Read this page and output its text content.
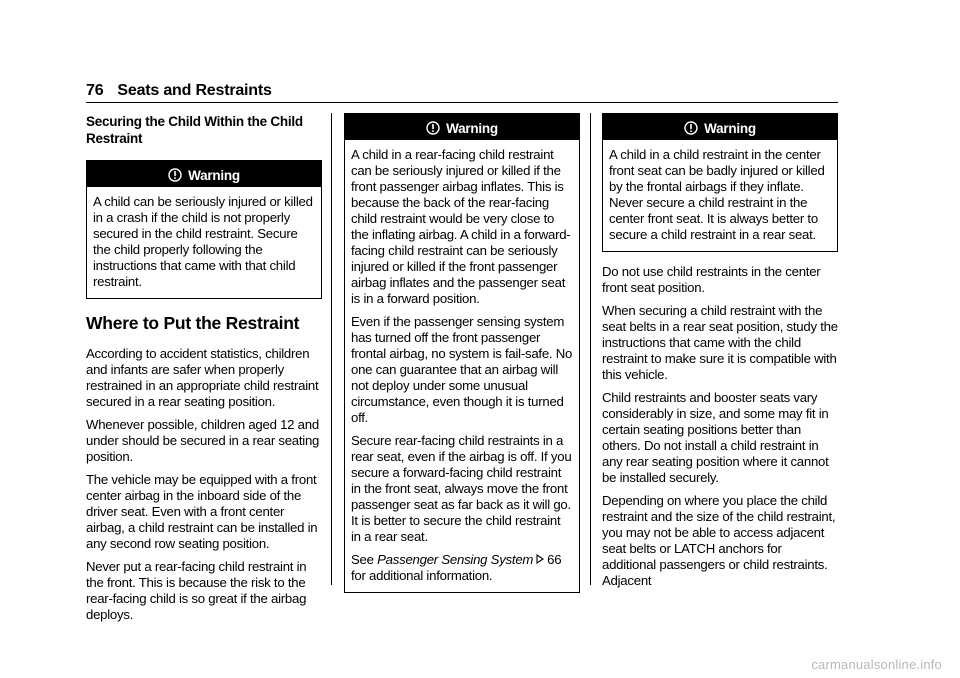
76 Seats and Restraints
Securing the Child Within the Child Restraint
Warning

A child can be seriously injured or killed in a crash if the child is not properly secured in the child restraint. Secure the child properly following the instructions that came with that child restraint.

Where to Put the Restraint

According to accident statistics, children and infants are safer when properly restrained in an appropriate child restraint secured in a rear seating position.

Whenever possible, children aged 12 and under should be secured in a rear seating position.

The vehicle may be equipped with a front center airbag in the inboard side of the driver seat. Even with a front center airbag, a child restraint can be installed in any second row seating position.

Never put a rear-facing child restraint in the front. This is because the risk to the rear-facing child is so great if the airbag deploys.

Warning

A child in a rear-facing child restraint can be seriously injured or killed if the front passenger airbag inflates. This is because the back of the rear-facing child restraint would be very close to the inflating airbag. A child in a forward-facing child restraint can be seriously injured or killed if the front passenger airbag inflates and the passenger seat is in a forward position.

Even if the passenger sensing system has turned off the front passenger frontal airbag, no system is fail-safe. No one can guarantee that an airbag will not deploy under some unusual circumstance, even though it is turned off.

Secure rear-facing child restraints in a rear seat, even if the airbag is off. If you secure a forward-facing child restraint in the front seat, always move the front passenger seat as far back as it will go. It is better to secure the child restraint in a rear seat.

See Passenger Sensing System 66 for additional information.

Warning

A child in a child restraint in the center front seat can be badly injured or killed by the frontal airbags if they inflate. Never secure a child restraint in the center front seat. It is always better to secure a child restraint in a rear seat.

Do not use child restraints in the center front seat position.

When securing a child restraint with the seat belts in a rear seat position, study the instructions that came with the child restraint to make sure it is compatible with this vehicle.

Child restraints and booster seats vary considerably in size, and some may fit in certain seating positions better than others. Do not install a child restraint in any rear seating position where it cannot be installed securely.

Depending on where you place the child restraint and the size of the child restraint, you may not be able to access adjacent seat belts or LATCH anchors for additional passengers or child restraints. Adjacent

carmanualsonline.info
